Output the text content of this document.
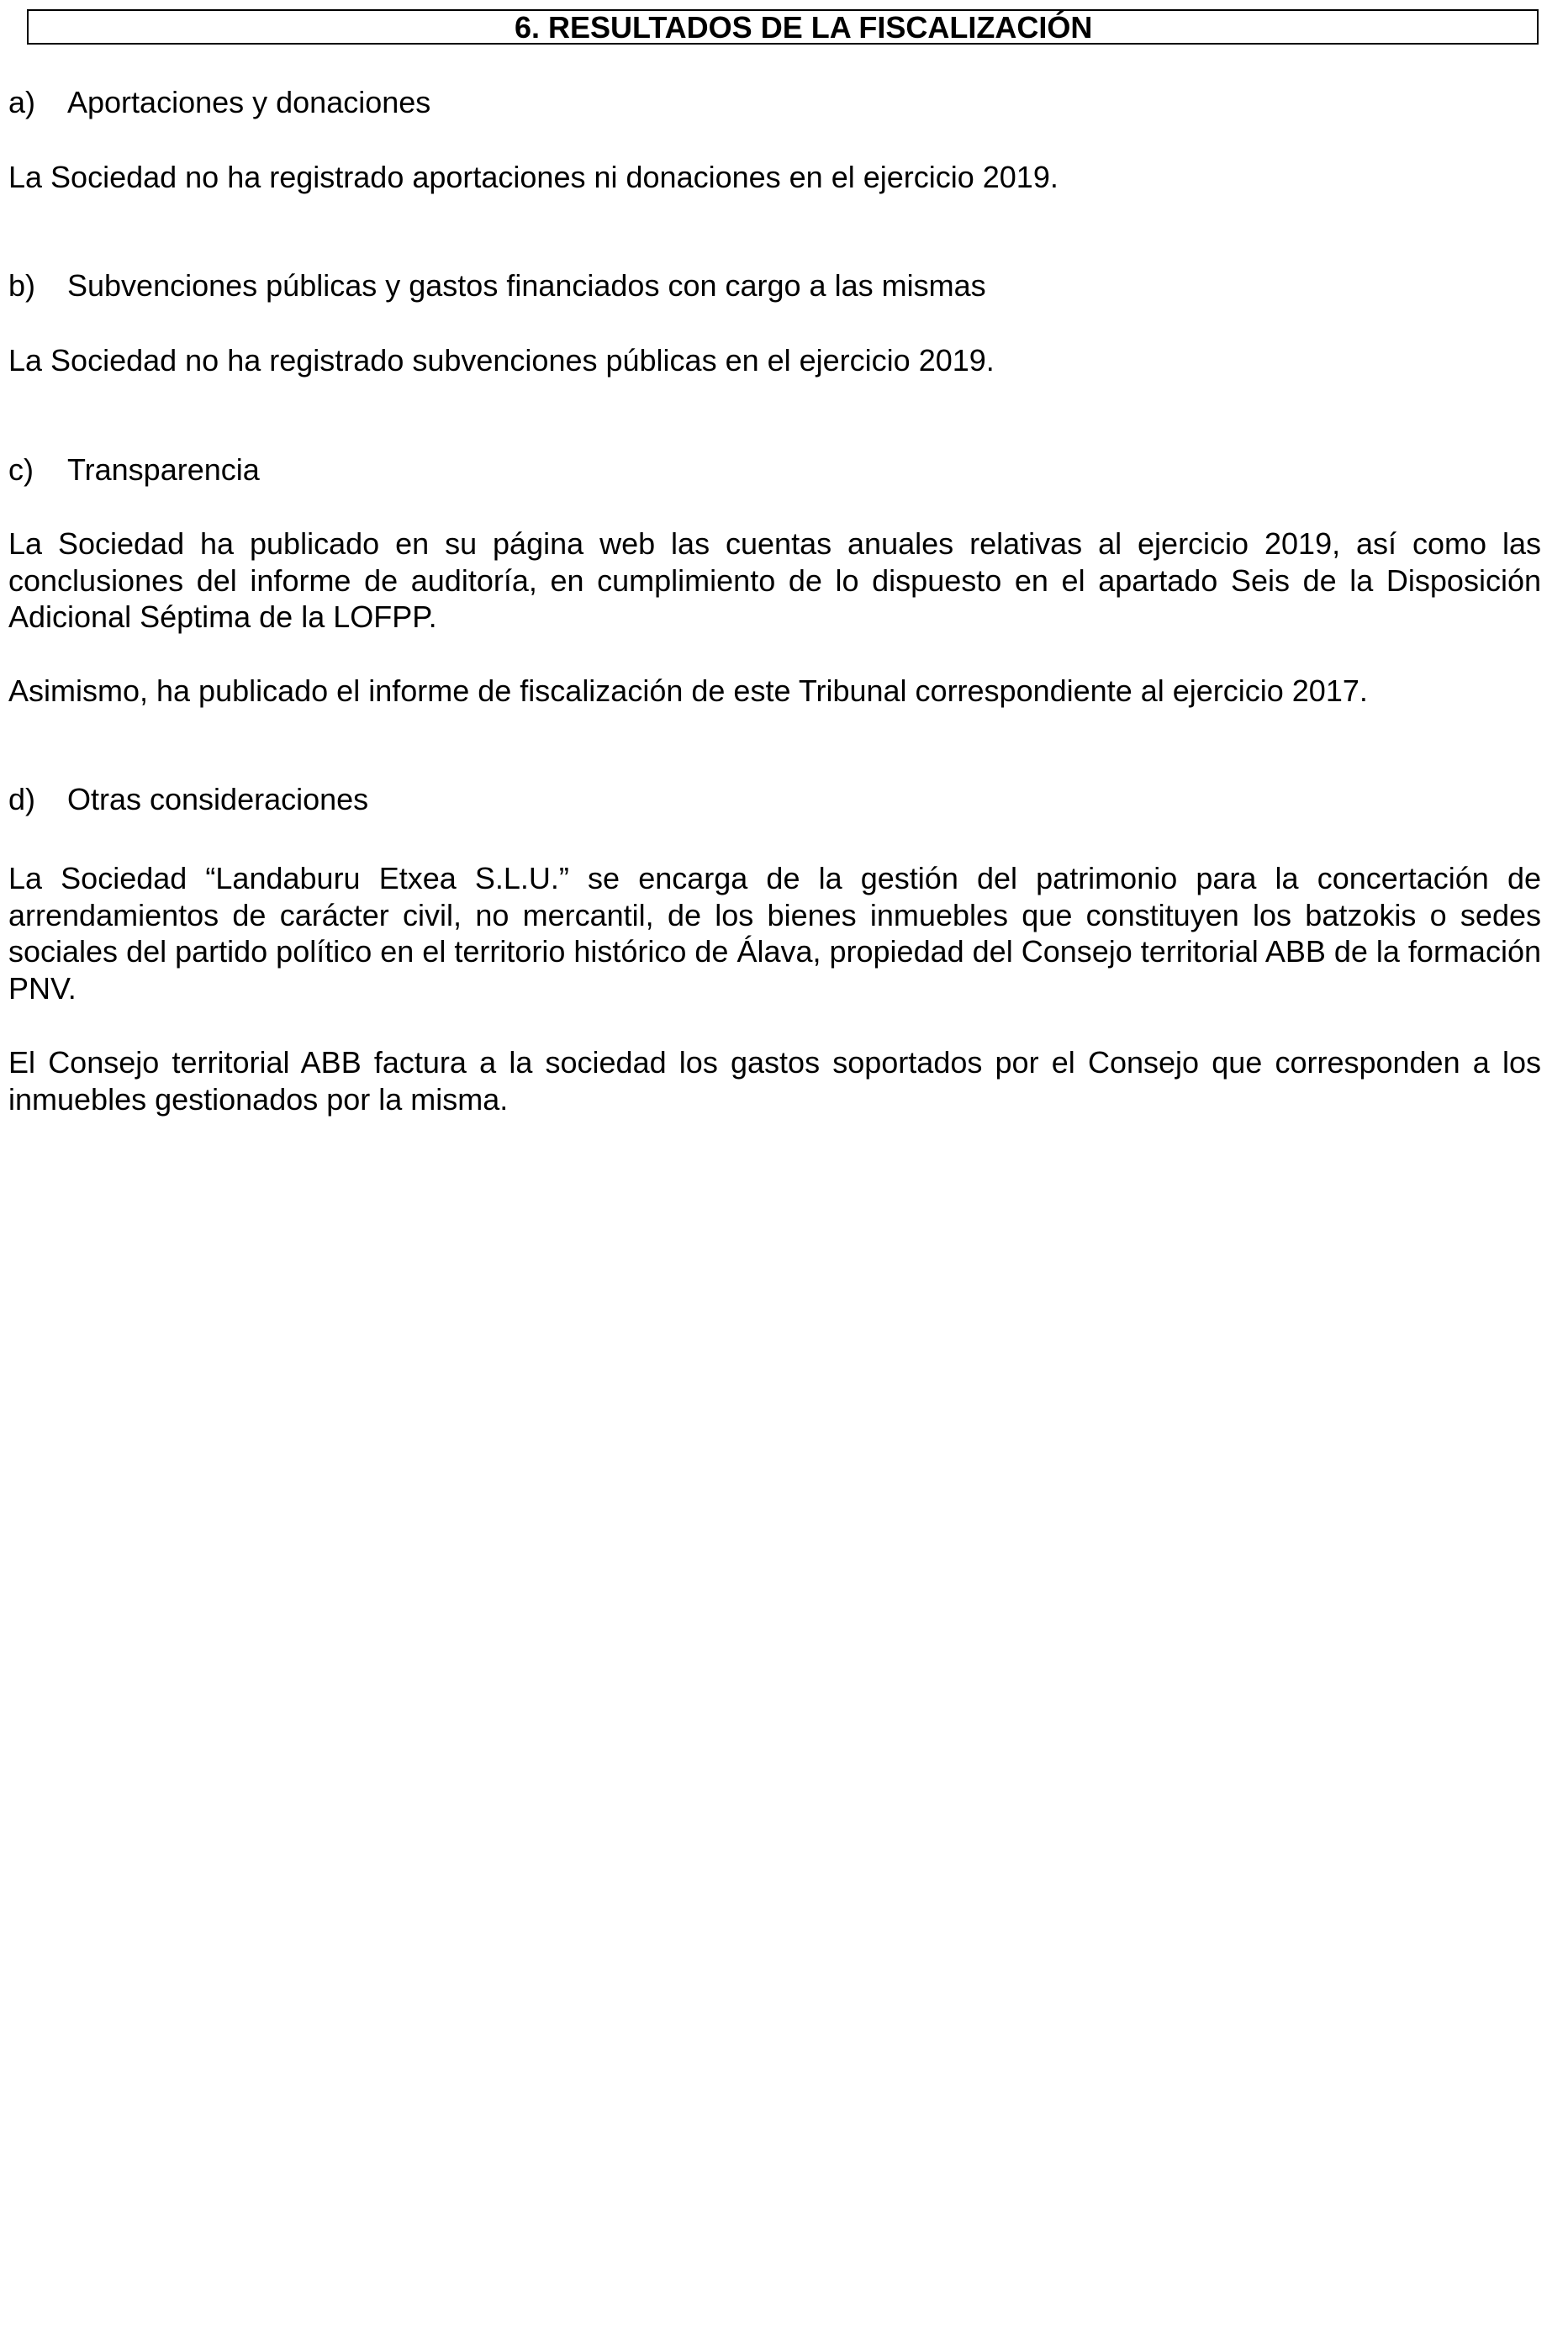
6. RESULTADOS DE LA FISCALIZACIÓN
a) Aportaciones y donaciones
La Sociedad no ha registrado aportaciones ni donaciones en el ejercicio 2019.
b) Subvenciones públicas y gastos financiados con cargo a las mismas
La Sociedad no ha registrado subvenciones públicas en el ejercicio 2019.
c) Transparencia
La Sociedad ha publicado en su página web las cuentas anuales relativas al ejercicio 2019, así como las conclusiones del informe de auditoría, en cumplimiento de lo dispuesto en el apartado Seis de la Disposición Adicional Séptima de la LOFPP.
Asimismo, ha publicado el informe de fiscalización de este Tribunal correspondiente al ejercicio 2017.
d) Otras consideraciones
La Sociedad “Landaburu Etxea S.L.U.” se encarga de la gestión del patrimonio para la concertación de arrendamientos de carácter civil, no mercantil, de los bienes inmuebles que constituyen los batzokis o sedes sociales del partido político en el territorio histórico de Álava, propiedad del Consejo territorial ABB de la formación PNV.
El Consejo territorial ABB factura a la sociedad los gastos soportados por el Consejo que corresponden a los inmuebles gestionados por la misma.
